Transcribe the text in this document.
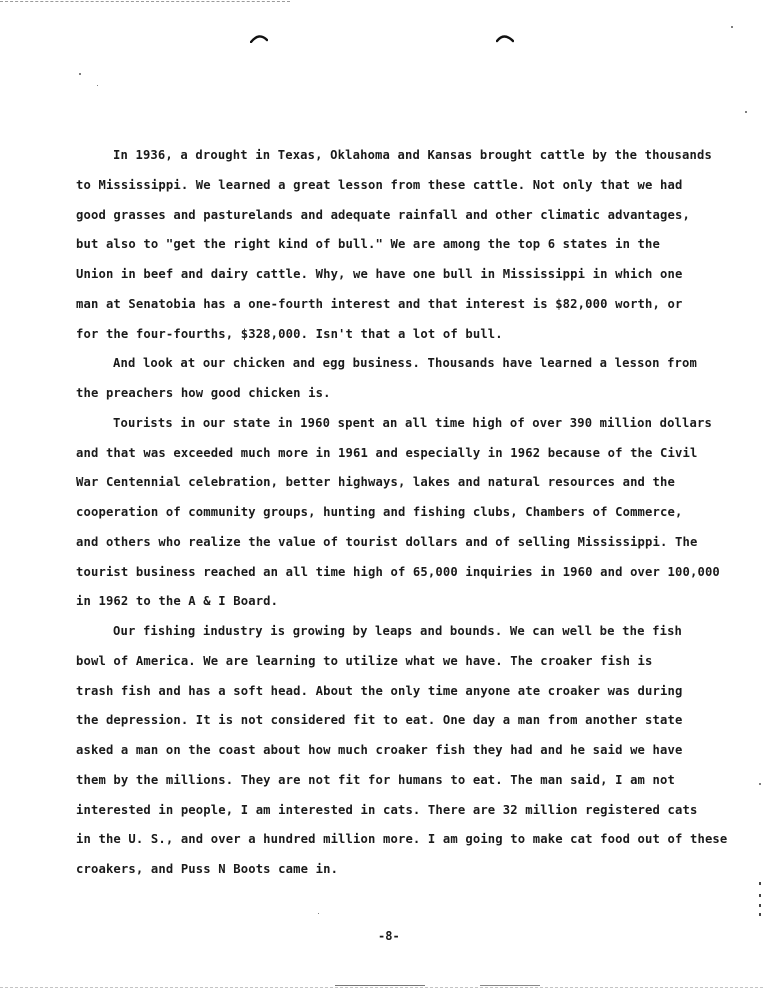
In 1936, a drought in Texas, Oklahoma and Kansas brought cattle by the thousands
to Mississippi. We learned a great lesson from these cattle. Not only that we had
good grasses and pasturelands and adequate rainfall and other climatic advantages,
but also to "get the right kind of bull." We are among the top 6 states in the
Union in beef and dairy cattle. Why, we have one bull in Mississippi in which one
man at Senatobia has a one-fourth interest and that interest is $82,000 worth, or
for the four-fourths, $328,000. Isn't that a lot of bull.
And look at our chicken and egg business. Thousands have learned a lesson from
the preachers how good chicken is.
Tourists in our state in 1960 spent an all time high of over 390 million dollars
and that was exceeded much more in 1961 and especially in 1962 because of the Civil
War Centennial celebration, better highways, lakes and natural resources and the
cooperation of community groups, hunting and fishing clubs, Chambers of Commerce,
and others who realize the value of tourist dollars and of selling Mississippi. The
tourist business reached an all time high of 65,000 inquiries in 1960 and over 100,000
in 1962 to the A & I Board.
Our fishing industry is growing by leaps and bounds. We can well be the fish
bowl of America. We are learning to utilize what we have. The croaker fish is
trash fish and has a soft head. About the only time anyone ate croaker was during
the depression. It is not considered fit to eat. One day a man from another state
asked a man on the coast about how much croaker fish they had and he said we have
them by the millions. They are not fit for humans to eat. The man said, I am not
interested in people, I am interested in cats. There are 32 million registered cats
in the U. S., and over a hundred million more. I am going to make cat food out of these
croakers, and Puss N Boots came in.
-8-
